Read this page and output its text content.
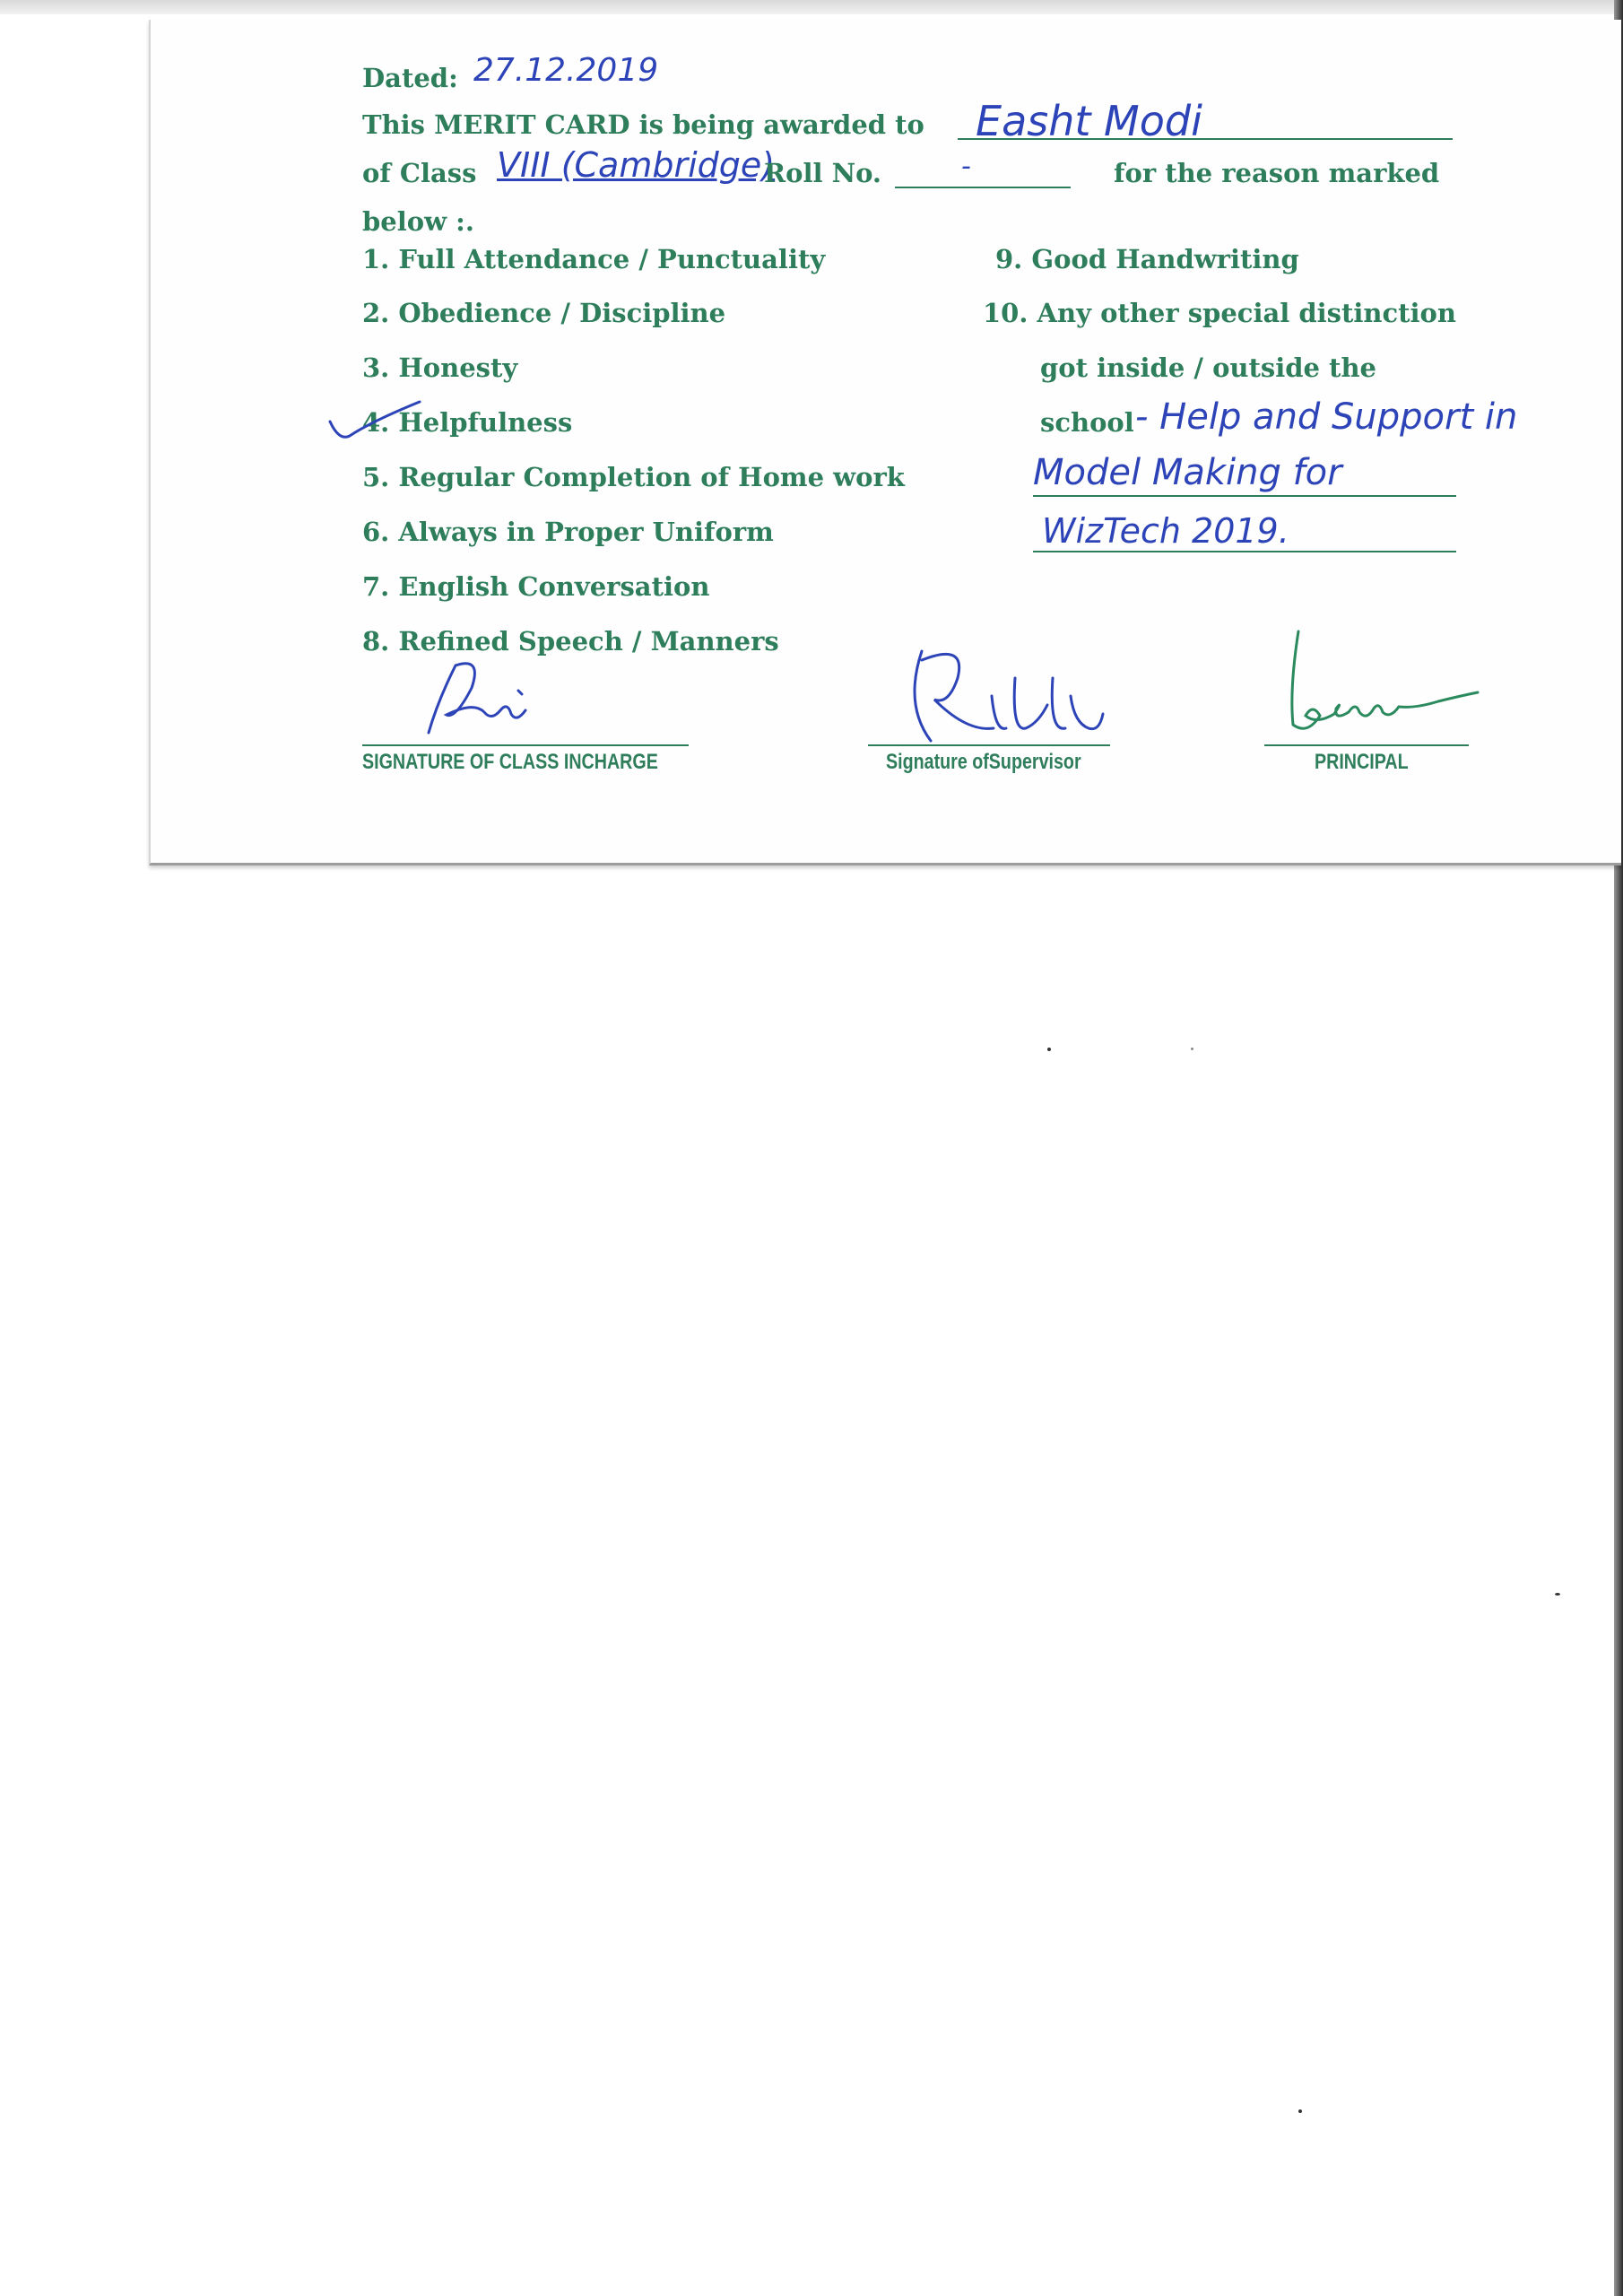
Dated: 27.12.2019
This MERIT CARD is being awarded to Easht Modi
of Class VIII (Cambridge)
Roll No.	-	for the reason marked
below :.
1. Full Attendance / Punctuality
2. Obedience / Discipline
3. Honesty
4. Helpfulness
5. Regular Completion of Home work
6. Always in Proper Uniform
7. English Conversation
8. Refined Speech / Manners
9. Good Handwriting
10. Any other special distinction
got inside / outside the
school - Help and Support in
Model Making for
WizTech 2019.
SIGNATURE OF CLASS INCHARGE	Signature ofSupervisor	PRINCIPAL
